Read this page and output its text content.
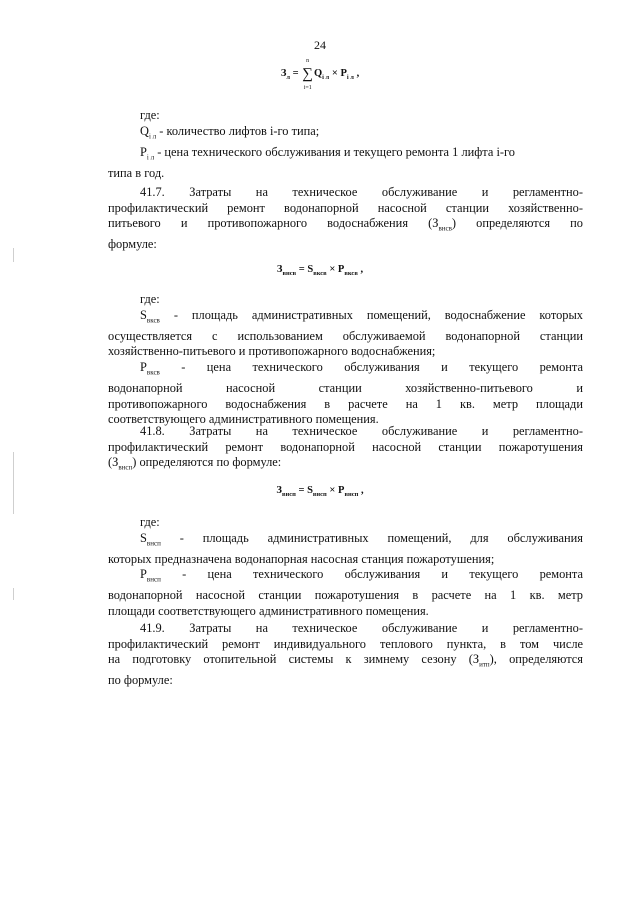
24
$З_л$ = ∑
n
i=1
$Q_{i л} \times P_{i л}$ ,
где:
$Q_{i л}$ - количество лифтов i-го типа;
$P_{i л}$ - цена технического обслуживания и текущего ремонта 1 лифта i-го
типа в год.
41.7. Затраты на техническое обслуживание и регламентно-
профилактический ремонт водонапорной насосной станции хозяйственно-
питьевого и противопожарного водоснабжения $(З_{внсв})$ определяются по
формуле:
$З_{внсв} = S_{вксв} \times P_{вксв}$ ,
где:
$S_{вксв}$ - площадь административных помещений, водоснабжение которых
осуществляется с использованием обслуживаемой водонапорной станции
хозяйственно-питьевого и противопожарного водоснабжения;
$P_{вксв}$ - цена технического обслуживания и текущего ремонта
водонапорной насосной станции хозяйственно-питьевого и
противопожарного водоснабжения в расчете на 1 кв. метр площади
соответствующего административного помещения.
41.8. Затраты на техническое обслуживание и регламентно-
профилактический ремонт водонапорной насосной станции пожаротушения
$(З_{внсп})$ определяются по формуле:
$З_{внсп} = S_{внсп} \times P_{внсп}$ ,
где:
$S_{внсп}$ - площадь административных помещений, для обслуживания
которых предназначена водонапорная насосная станция пожаротушения;
$P_{внсп}$ - цена технического обслуживания и текущего ремонта
водонапорной насосной станции пожаротушения в расчете на 1 кв. метр
площади соответствующего административного помещения.
41.9. Затраты на техническое обслуживание и регламентно-
профилактический ремонт индивидуального теплового пункта, в том числе
на подготовку отопительной системы к зимнему сезону $(З_{итп})$, определяются
по формуле:
